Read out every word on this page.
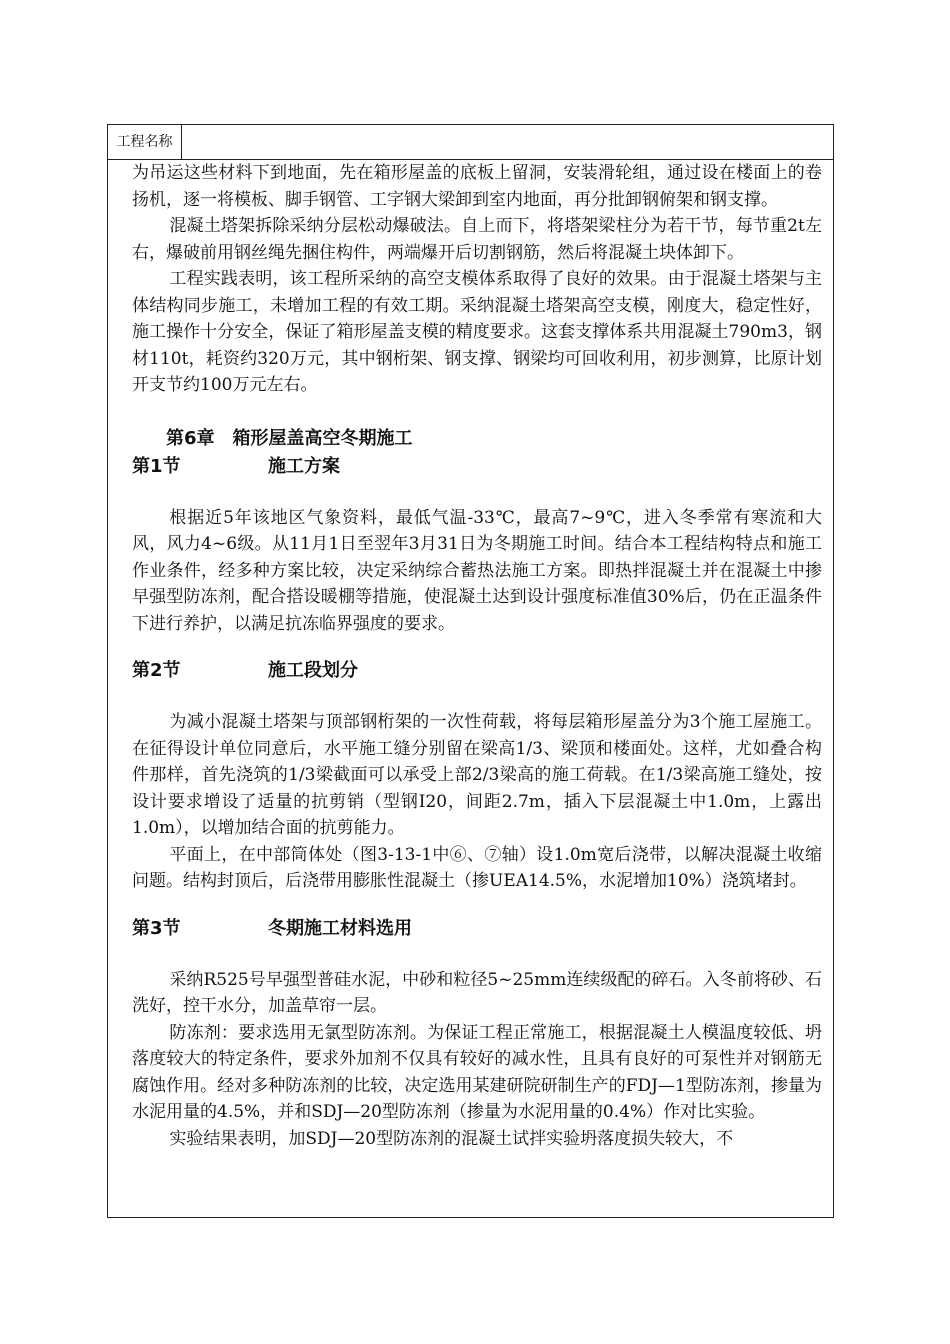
工程名称

为吊运这些材料下到地面，先在箱形屋盖的底板上留洞，安装滑轮组，通过设在楼面上的卷扬机，逐一将模板、脚手钢管、工字钢大梁卸到室内地面，再分批卸钢俯架和钢支撑。

混凝土塔架拆除采纳分层松动爆破法。自上而下，将塔架梁柱分为若干节，每节重2t左右，爆破前用钢丝绳先捆住构件，两端爆开后切割钢筋，然后将混凝土块体卸下。

工程实践表明，该工程所采纳的高空支模体系取得了良好的效果。由于混凝土塔架与主体结构同步施工，未增加工程的有效工期。采纳混凝土塔架高空支模，刚度大，稳定性好，施工操作十分安全，保证了箱形屋盖支模的精度要求。这套支撑体系共用混凝土790m3，钢材110t，耗资约320万元，其中钢桁架、钢支撑、钢梁均可回收利用，初步测算，比原计划开支节约100万元左右。

第6章　箱形屋盖高空冬期施工
第1节	施工方案

根据近5年该地区气象资料，最低气温-33℃，最高7~9℃，进入冬季常有寒流和大风，风力4~6级。从11月1日至翌年3月31日为冬期施工时间。结合本工程结构特点和施工作业条件，经多种方案比较，决定采纳综合蓄热法施工方案。即热拌混凝土并在混凝土中掺早强型防冻剂，配合搭设暖棚等措施，使混凝土达到设计强度标准值30%后，仍在正温条件下进行养护，以满足抗冻临界强度的要求。

第2节	施工段划分

为减小混凝土塔架与顶部钢桁架的一次性荷载，将每层箱形屋盖分为3个施工屋施工。在征得设计单位同意后，水平施工缝分别留在梁高1/3、梁顶和楼面处。这样，尤如叠合构件那样，首先浇筑的1/3梁截面可以承受上部2/3梁高的施工荷载。在1/3梁高施工缝处，按设计要求增设了适量的抗剪销（型钢I20，间距2.7m，插入下层混凝土中1.0m，上露出1.0m），以增加结合面的抗剪能力。

平面上，在中部筒体处（图3-13-1中⑥、⑦轴）设1.0m宽后浇带，以解决混凝土收缩问题。结构封顶后，后浇带用膨胀性混凝土（掺UEA14.5%，水泥增加10%）浇筑堵封。

第3节	冬期施工材料选用

采纳R525号早强型普硅水泥，中砂和粒径5~25mm连续级配的碎石。入冬前将砂、石洗好，控干水分，加盖草帘一层。

防冻剂：要求选用无氯型防冻剂。为保证工程正常施工，根据混凝土人模温度较低、坍落度较大的特定条件，要求外加剂不仅具有较好的减水性，且具有良好的可泵性并对钢筋无腐蚀作用。经对多种防冻剂的比较，决定选用某建研院研制生产的FDJ—1型防冻剂，掺量为水泥用量的4.5%，并和SDJ—20型防冻剂（掺量为水泥用量的0.4%）作对比实验。

实验结果表明，加SDJ—20型防冻剂的混凝土试拌实验坍落度损失较大，不
